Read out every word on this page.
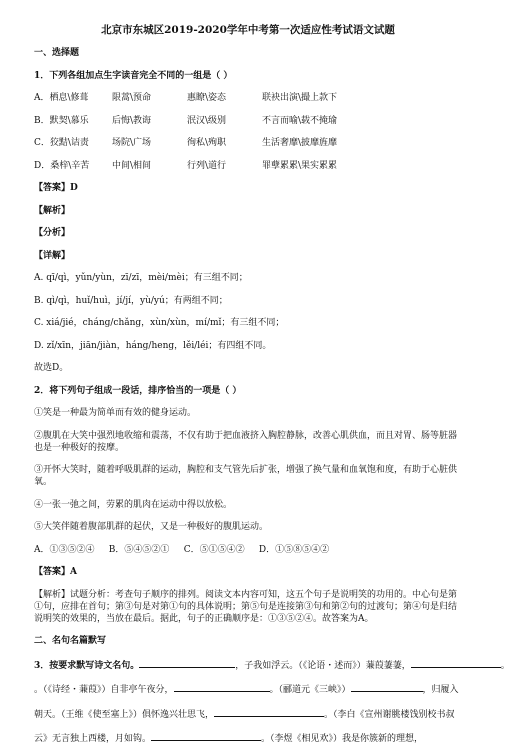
北京市东城区2019-2020学年中考第一次适应性考试语文试题
一、选择题
1．下列各组加点生字读音完全不同的一组是（ ）
A．栖息\修葺	限蒿\预命	惠瞭\姿态	联袂出演\撮上款下
B．默契\慕乐	后悔\教诲	泯汉\级别	不言而喻\载不掩瑜
C．狡黠\诘责	场院\广场	徇私\殉职	生活奢靡\披靡旌靡
D．桑梓\辛苦	中间\相间	行列\道行	罪孽累累\果实累累
【答案】D
【解析】
【分析】
【详解】
A. qī/qì，yǔn/yùn，zī/zī，mèi/mèi；有三组不同；
B. qì/qì，huǐ/huì，jí/jí，yù/yú；有两组不同；
C. xiá/jié，cháng/chǎng，xùn/xùn，mí/mǐ；有三组不同；
D. zǐ/xīn，jiān/jiàn，háng/heng，lěi/léi；有四组不同。
故选D。
2．将下列句子组成一段话，排序恰当的一项是（ ）
①笑是一种最为简单而有效的健身运动。
②腹肌在大笑中强烈地收缩和震荡，不仅有助于把血液挤入胸腔静脉，改善心肌供血，而且对胃、肠等脏器也是一种极好的按摩。
③开怀大笑时，随着呼吸肌群的运动，胸腔和支气管先后扩张，增强了换气量和血氧饱和度，有助于心脏供氧。
④一张一弛之间，劳累的肌肉在运动中得以放松。
⑤大笑伴随着腹部肌群的起伏，又是一种极好的腹肌运动。
A．①③⑤②④     B．⑤④⑤②①     C．⑤①⑤④②     D．①⑤⑧⑤④②
【答案】A
【解析】试题分析：考查句子顺序的排列。阅读文本内容可知，这五个句子是说明笑的功用的。中心句是第①句，应排在首句；第③句是对第①句的具体说明；第⑤句是连接第③句和第②句的过渡句；第④句是归结说明笑的效果的，当放在最后。据此，句子的正确顺序是：①③⑤②④。故答案为A。
二、名句名篇默写
3．按要求默写诗文名句。	，子我如浮云。（《论语・述而》）蒹葭萋萋，	。
。（《诗经・蒹葭》）自非亭午夜分，	。（郦道元《三峡》）	，归履入
朝天。（王维《使至塞上》）俱怀逸兴壮思飞，	。（李白《宣州谢脁楼饯别校书叔
云》无言独上西楼，月如钩。	。（李煜《相见欢》）我是你簇新的理想，
